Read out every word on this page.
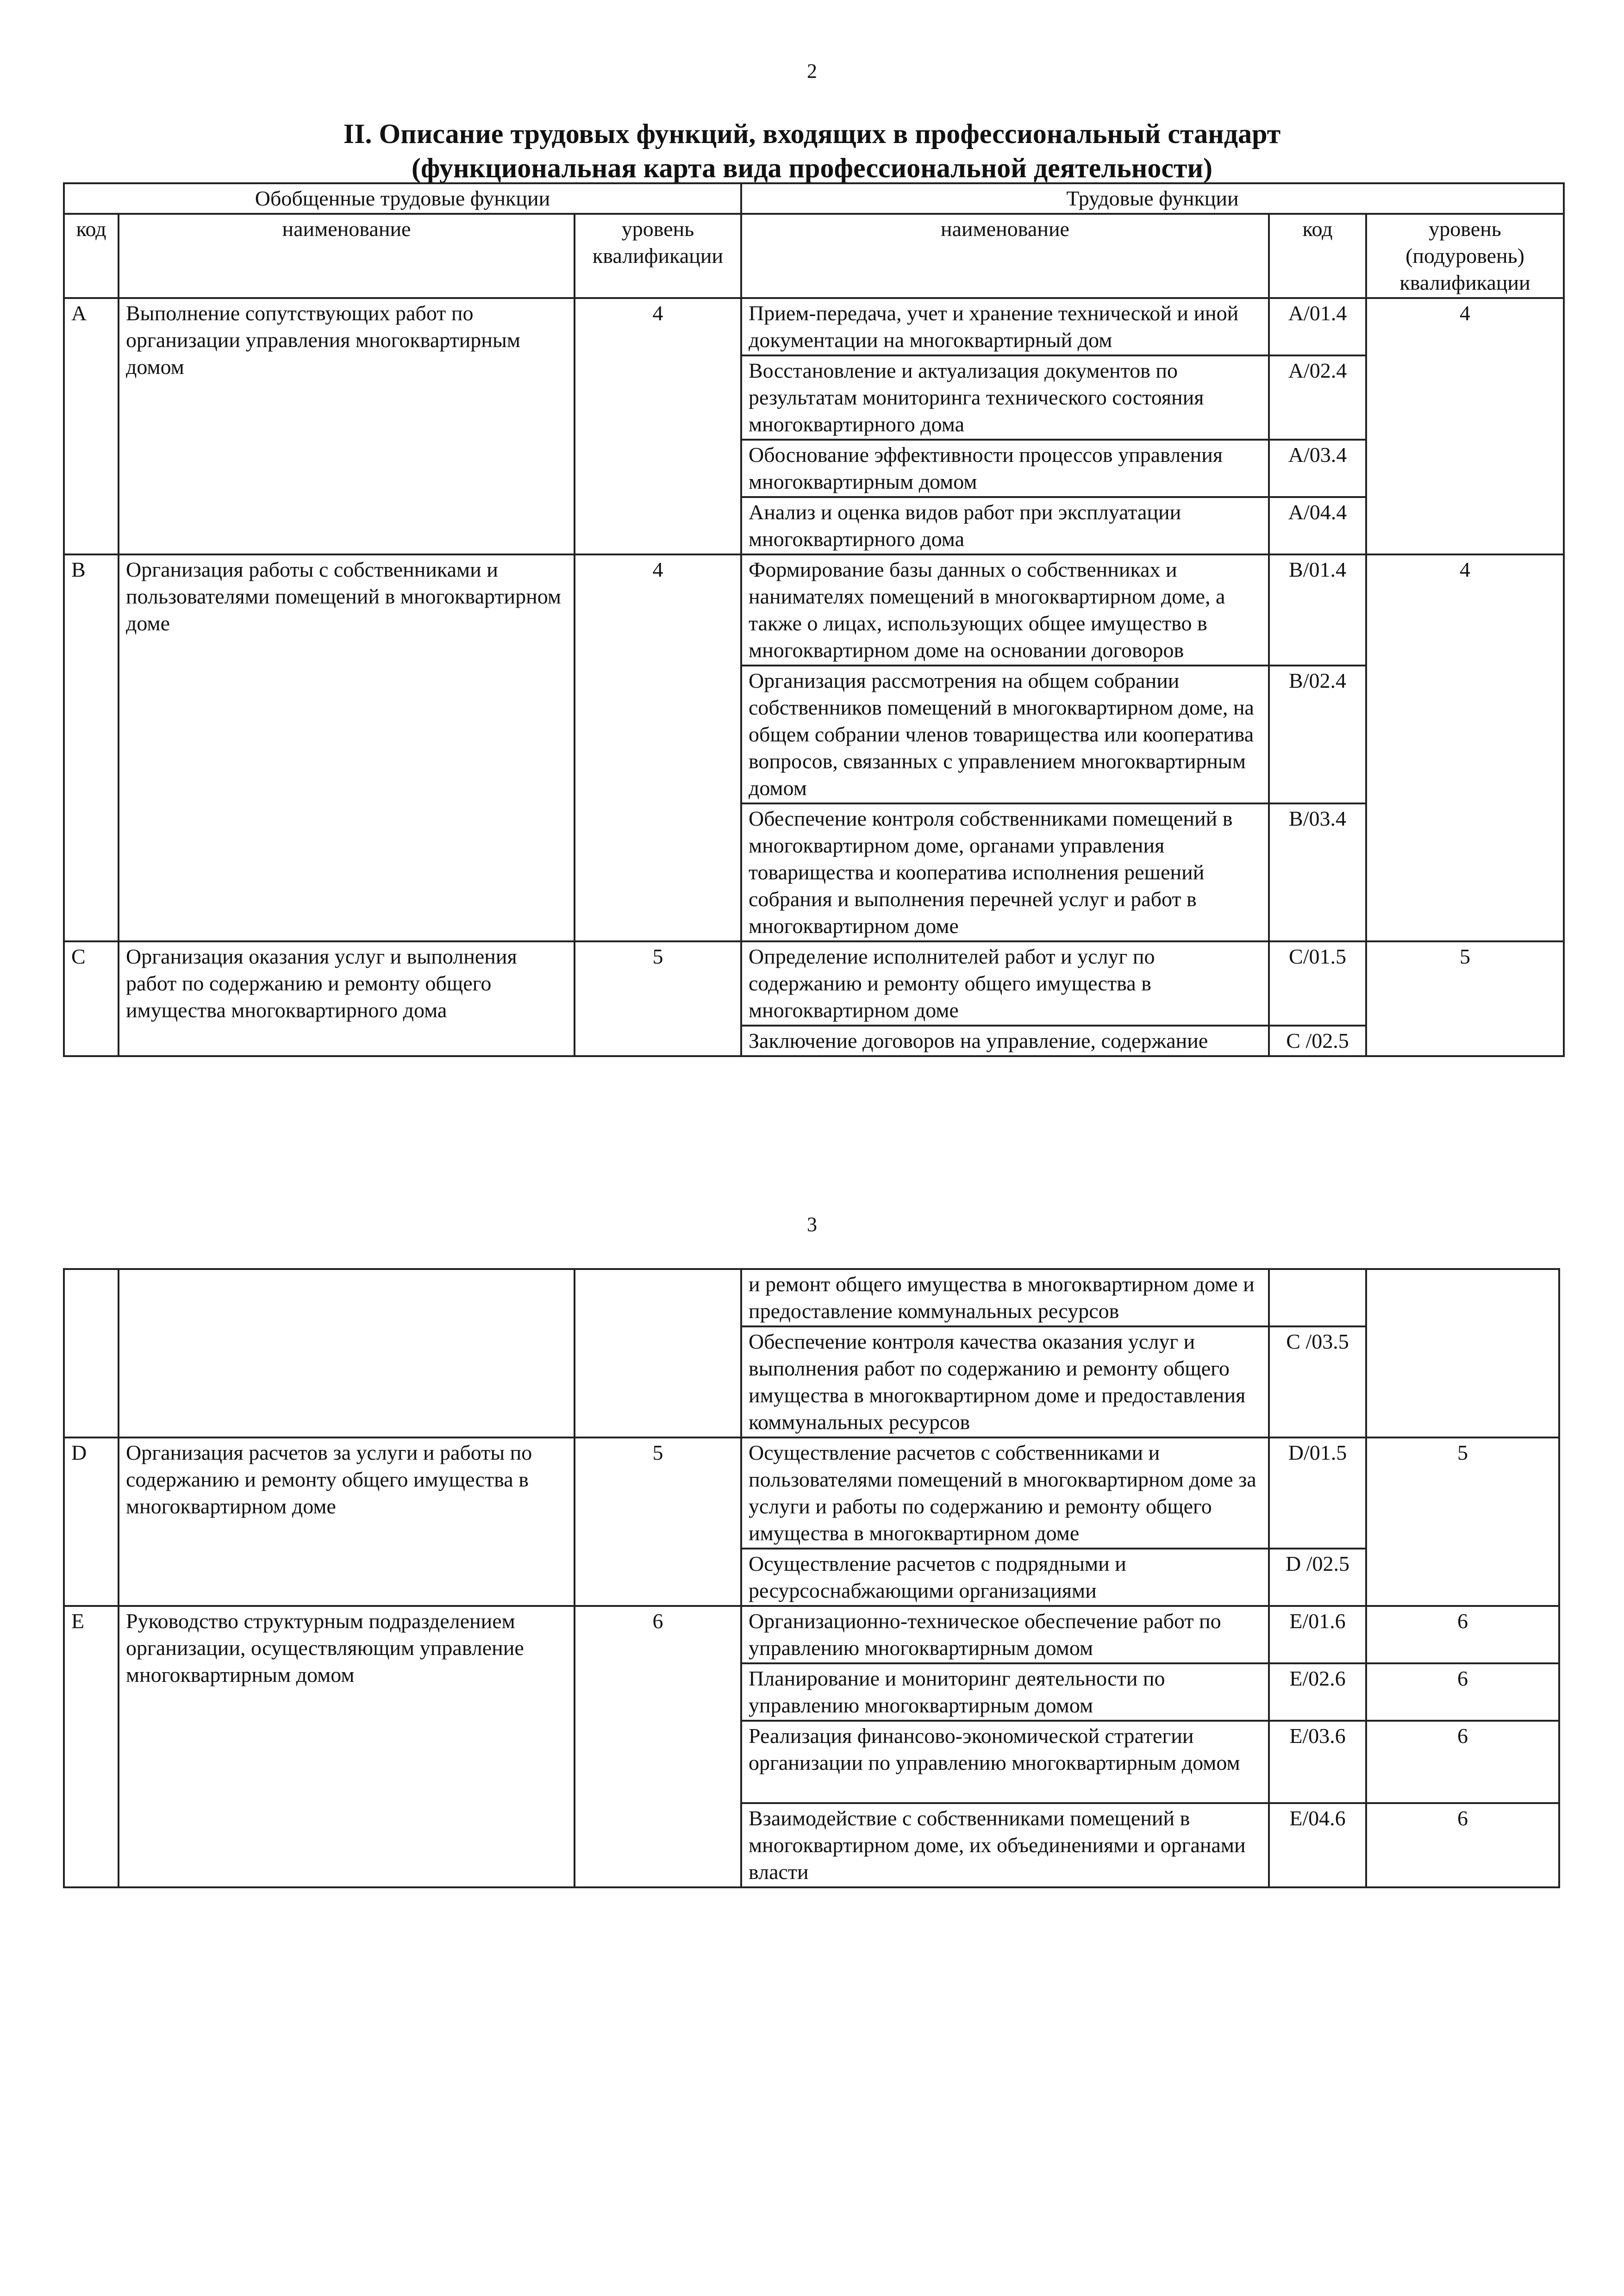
2
II. Описание трудовых функций, входящих в профессиональный стандарт
(функциональная карта вида профессиональной деятельности)
Обобщенные трудовые функции			Трудовые функции		
код	наименование	уровень квалификации	наименование	код	уровень (подуровень) квалификации
A	Выполнение сопутствующих работ по организации управления многоквартирным домом	4	Прием-передача, учет и хранение технической и иной документации на многоквартирный дом	A/01.4	4
			Восстановление и актуализация документов по результатам мониторинга технического состояния многоквартирного дома	A/02.4	
			Обоснование эффективности процессов управления многоквартирным домом	A/03.4	
			Анализ и оценка видов работ при эксплуатации многоквартирного дома	A/04.4	
B	Организация работы с собственниками и пользователями помещений в многоквартирном доме	4	Формирование базы данных о собственниках и нанимателях помещений в многоквартирном доме, а также о лицах, использующих общее имущество в многоквартирном доме на основании договоров	B/01.4	4
			Организация рассмотрения на общем собрании собственников помещений в многоквартирном доме, на общем собрании членов товарищества или кооператива вопросов, связанных с управлением многоквартирным домом	B/02.4	
			Обеспечение контроля собственниками помещений в многоквартирном доме, органами управления товарищества и кооператива исполнения решений собрания и выполнения перечней услуг и работ в многоквартирном доме	B/03.4	
C	Организация оказания услуг и выполнения работ по содержанию и ремонту общего имущества многоквартирного дома	5	Определение исполнителей работ и услуг по содержанию и ремонту общего имущества в многоквартирном доме	C/01.5	5
			Заключение договоров на управление, содержание	C /02.5	
3
			и ремонт общего имущества в многоквартирном доме и предоставление коммунальных ресурсов		
			Обеспечение контроля качества оказания услуг и выполнения работ по содержанию и ремонту общего имущества в многоквартирном доме и предоставления коммунальных ресурсов	C /03.5	
D	Организация расчетов за услуги и работы по содержанию и ремонту общего имущества в многоквартирном доме	5	Осуществление расчетов с собственниками и пользователями помещений в многоквартирном доме за услуги и работы по содержанию и ремонту общего имущества в многоквартирном доме	D/01.5	5
			Осуществление расчетов с подрядными и ресурсоснабжающими организациями	D /02.5	
E	Руководство структурным подразделением организации, осуществляющим управление многоквартирным домом	6	Организационно-техническое обеспечение работ по управлению многоквартирным домом	E/01.6	6
			Планирование и мониторинг деятельности по управлению многоквартирным домом	E/02.6	6
			Реализация финансово-экономической стратегии организации по управлению многоквартирным домом	E/03.6	6
			Взаимодействие с собственниками помещений в многоквартирном доме, их объединениями и органами власти	E/04.6	6
